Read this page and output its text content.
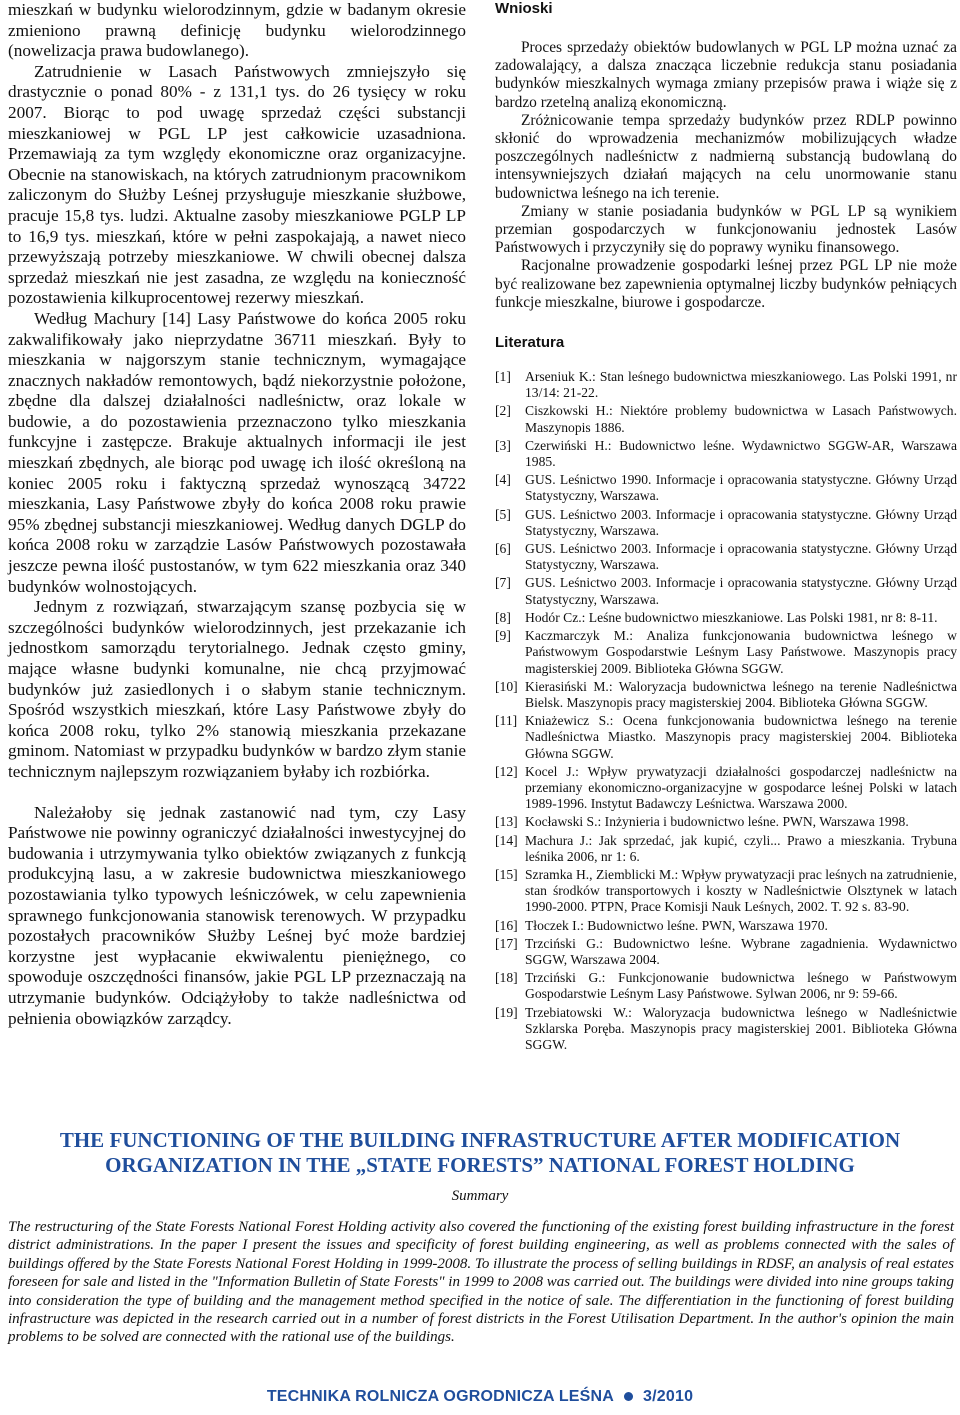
mieszkań w budynku wielorodzinnym, gdzie w badanym okresie zmieniono prawną definicję budynku wielorodzinnego (nowelizacja prawa budowlanego).

Zatrudnienie w Lasach Państwowych zmniejszyło się drastycznie o ponad 80% - z 131,1 tys. do 26 tysięcy w roku 2007. Biorąc to pod uwagę sprzedaż części substancji mieszkaniowej w PGL LP jest całkowicie uzasadniona. Przemawiają za tym względy ekonomiczne oraz organizacyjne. Obecnie na stanowiskach, na których zatrudnionym pracownikom zaliczonym do Służby Leśnej przysługuje mieszkanie służbowe, pracuje 15,8 tys. ludzi. Aktualne zasoby mieszkaniowe PGLP LP to 16,9 tys. mieszkań, które w pełni zaspokajają, a nawet nieco przewyższają potrzeby mieszkaniowe. W chwili obecnej dalsza sprzedaż mieszkań nie jest zasadna, ze względu na konieczność pozostawienia kilkuprocentowej rezerwy mieszkań.

Według Machury [14] Lasy Państwowe do końca 2005 roku zakwalifikowały jako nieprzydatne 36711 mieszkań. Były to mieszkania w najgorszym stanie technicznym, wymagające znacznych nakładów remontowych, bądź niekorzystnie położone, zbędne dla dalszej działalności nadleśnictw, oraz lokale w budowie, a do pozostawienia przeznaczono tylko mieszkania funkcyjne i zastępcze. Brakuje aktualnych informacji ile jest mieszkań zbędnych, ale biorąc pod uwagę ich ilość określoną na koniec 2005 roku i faktyczną sprzedaż wynoszącą 34722 mieszkania, Lasy Państwowe zbyły do końca 2008 roku prawie 95% zbędnej substancji mieszkaniowej. Według danych DGLP do końca 2008 roku w zarządzie Lasów Państwowych pozostawała jeszcze pewna ilość pustostanów, w tym 622 mieszkania oraz 340 budynków wolnostojących.

Jednym z rozwiązań, stwarzającym szansę pozbycia się w szczególności budynków wielorodzinnych, jest przekazanie ich jednostkom samorządu terytorialnego. Jednak często gminy, mające własne budynki komunalne, nie chcą przyjmować budynków już zasiedlonych i o słabym stanie technicznym. Spośród wszystkich mieszkań, które Lasy Państwowe zbyły do końca 2008 roku, tylko 2% stanowią mieszkania przekazane gminom. Natomiast w przypadku budynków w bardzo złym stanie technicznym najlepszym rozwiązaniem byłaby ich rozbiórka.

Należałoby się jednak zastanowić nad tym, czy Lasy Państwowe nie powinny ograniczyć działalności inwestycyjnej do budowania i utrzymywania tylko obiektów związanych z funkcją produkcyjną lasu, a w zakresie budownictwa mieszkaniowego pozostawiania tylko typowych leśniczówek, w celu zapewnienia sprawnego funkcjonowania stanowisk terenowych. W przypadku pozostałych pracowników Służby Leśnej być może bardziej korzystne jest wypłacanie ekwiwalentu pieniężnego, co spowoduje oszczędności finansów, jakie PGL LP przeznaczają na utrzymanie budynków. Odciążyłoby to także nadleśnictwa od pełnienia obowiązków zarządcy.

Wnioski

Proces sprzedaży obiektów budowlanych w PGL LP można uznać za zadowalający, a dalsza znacząca liczebnie redukcja stanu posiadania budynków mieszkalnych wymaga zmiany przepisów prawa i wiąże się z bardzo rzetelną analizą ekonomiczną.

Zróżnicowanie tempa sprzedaży budynków przez RDLP powinno skłonić do wprowadzenia mechanizmów mobilizujących władze poszczególnych nadleśnictw z nadmierną substancją budowlaną do intensywniejszych działań mających na celu unormowanie stanu budownictwa leśnego na ich terenie.

Zmiany w stanie posiadania budynków w PGL LP są wynikiem przemian gospodarczych w funkcjonowaniu jednostek Lasów Państwowych i przyczyniły się do poprawy wyniku finansowego.

Racjonalne prowadzenie gospodarki leśnej przez PGL LP nie może być realizowane bez zapewnienia optymalnej liczby budynków pełniących funkcje mieszkalne, biurowe i gospodarcze.

Literatura
[1]	Arseniuk K.: Stan leśnego budownictwa mieszkaniowego. Las Polski 1991, nr 13/14: 21-22.
[2]	Ciszkowski H.: Niektóre problemy budownictwa w Lasach Państwowych. Maszynopis 1886.
[3]	Czerwiński H.: Budownictwo leśne. Wydawnictwo SGGW-AR, Warszawa 1985.
[4]	GUS. Leśnictwo 1990. Informacje i opracowania statystyczne. Główny Urząd Statystyczny, Warszawa.
[5]	GUS. Leśnictwo 2003. Informacje i opracowania statystyczne. Główny Urząd Statystyczny, Warszawa.
[6]	GUS. Leśnictwo 2003. Informacje i opracowania statystyczne. Główny Urząd Statystyczny, Warszawa.
[7]	GUS. Leśnictwo 2003. Informacje i opracowania statystyczne. Główny Urząd Statystyczny, Warszawa.
[8]	Hodór Cz.: Leśne budownictwo mieszkaniowe. Las Polski 1981, nr 8: 8-11.
[9]	Kaczmarczyk M.: Analiza funkcjonowania budownictwa leśnego w Państwowym Gospodarstwie Leśnym Lasy Państwowe. Maszynopis pracy magisterskiej 2009. Biblioteka Główna SGGW.
[10] Kierasiński M.: Waloryzacja budownictwa leśnego na terenie Nadleśnictwa Bielsk. Maszynopis pracy magisterskiej 2004. Biblioteka Główna SGGW.
[11] Kniażewicz S.: Ocena funkcjonowania budownictwa leśnego na terenie Nadleśnictwa Miastko. Maszynopis pracy magisterskiej 2004. Biblioteka Główna SGGW.
[12] Kocel J.: Wpływ prywatyzacji działalności gospodarczej nadleśnictw na przemiany ekonomiczno-organizacyjne w gospodarce leśnej Polski w latach 1989-1996. Instytut Badawczy Leśnictwa. Warszawa 2000.
[13] Kocławski S.: Inżynieria i budownictwo leśne. PWN, Warszawa 1998.
[14] Machura J.: Jak sprzedać, jak kupić, czyli... Prawo a mieszkania. Trybuna leśnika 2006, nr 1: 6.
[15] Szramka H., Ziemblicki M.: Wpływ prywatyzacji prac leśnych na zatrudnienie, stan środków transportowych i koszty w Nadleśnictwie Olsztynek w latach 1990-2000. PTPN, Prace Komisji Nauk Leśnych, 2002. T. 92 s. 83-90.
[16] Tłoczek I.: Budownictwo leśne. PWN, Warszawa 1970.
[17] Trzciński G.: Budownictwo leśne. Wybrane zagadnienia. Wydawnictwo SGGW, Warszawa 2004.
[18] Trzciński G.: Funkcjonowanie budownictwa leśnego w Państwowym Gospodarstwie Leśnym Lasy Państwowe. Sylwan 2006, nr 9: 59-66.
[19] Trzebiatowski W.: Waloryzacja budownictwa leśnego w Nadleśnictwie Szklarska Poręba. Maszynopis pracy magisterskiej 2001. Biblioteka Główna SGGW.
THE FUNCTIONING OF THE BUILDING INFRASTRUCTURE AFTER MODIFICATION
ORGANIZATION IN THE „STATE FORESTS” NATIONAL FOREST HOLDING
Summary

The restructuring of the State Forests National Forest Holding activity also covered the functioning of the existing forest building infrastructure in the forest district administrations. In the paper I present the issues and specificity of forest building engineering, as well as problems connected with the sales of buildings offered by the State Forests National Forest Holding in 1999-2008. To illustrate the process of selling buildings in RDSF, an analysis of real estates foreseen for sale and listed in the "Information Bulletin of State Forests" in 1999 to 2008 was carried out. The buildings were divided into nine groups taking into consideration the type of building and the management method specified in the notice of sale. The differentiation in the functioning of forest building infrastructure was depicted in the research carried out in a number of forest districts in the Forest Utilisation Department. In the author's opinion the main problems to be solved are connected with the rational use of the buildings.

TECHNIKA ROLNICZA OGRODNICZA LEŚNA 3/2010
